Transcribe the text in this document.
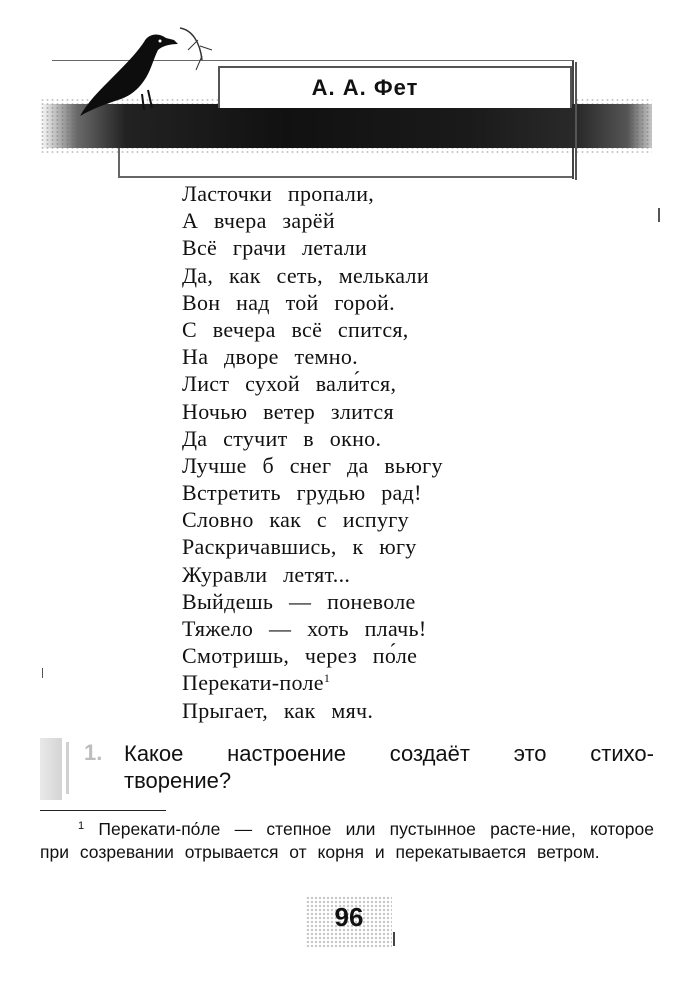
А. А. Фет
Ласточки пропали,
А вчера зарёй
Всё грачи летали
Да, как сеть, мелькали
Вон над той горой.
С вечера всё спится,
На дворе темно.
Лист сухой вали́тся,
Ночью ветер злится
Да стучит в окно.
Лучше б снег да вьюгу
Встретить грудью рад!
Словно как с испугу
Раскричавшись, к югу
Журавли летят...
Выйдешь — поневоле
Тяжело — хоть плачь!
Смотришь, через по́ле
Перекати-поле$^1$
Прыгает, как мяч.
1. Какое настроение создаёт это стихо-творение?
$^1$ Перекати-по́ле — степное или пустынное расте-ние, которое при созревании отрывается от корня и перекатывается ветром.
96
